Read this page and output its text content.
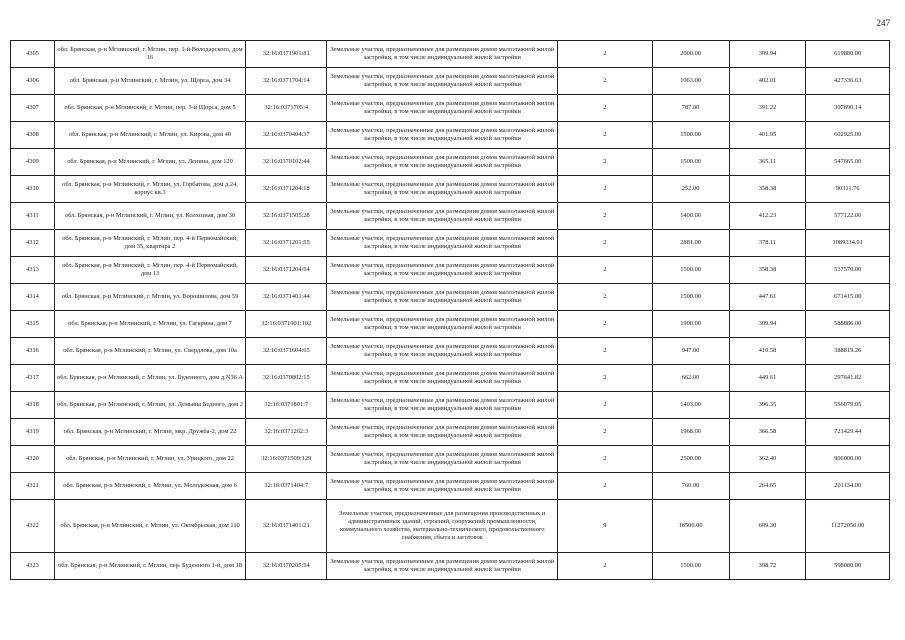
247
4305	обл. Брянская, р-н Мглинский, г. Мглин, пер. 1-й Володарского, дом 16	32:16:0371901:81	Земельные участки, предназначенные для размещения домов малоэтажной жилой застройки, в том числе индивидуальной жилой застройки	2	2000.00	309.94	619880.00
4306	обл. Брянская, р-н Мглинский, г. Мглин, ул. Щорса, дом 34	32:16:0371704:14	Земельные участки, предназначенные для размещения домов малоэтажной жилой застройки, в том числе индивидуальной жилой застройки	2	1063.00	402.01	427336.63
4307	обл. Брянская, р-н Мглинский, г. Мглин, пер. 3-й Щорса, дом 5	32:16:0371705:4	Земельные участки, предназначенные для размещения домов малоэтажной жилой застройки, в том числе индивидуальной жилой застройки	2	787.00	391.22	307890.14
4308	обл. Брянская, р-н Мглинский, г. Мглин, ул. Кирова, дом 40	32:16:0370404:37	Земельные участки, предназначенные для размещения домов малоэтажной жилой застройки, в том числе индивидуальной жилой застройки	2	1500.00	401.95	602925.00
4309	обл. Брянская, р-н Мглинский, г. Мглин, ул. Ленина, дом 120	32:16:0370102:44	Земельные участки, предназначенные для размещения домов малоэтажной жилой застройки, в том числе индивидуальной жилой застройки	2	1500.00	365.11	547665.00
4310	обл. Брянская, р-н Мглинский, г. Мглин, ул. Горбатова, дом д.24, корпус кв.3	32:16:0371204:18	Земельные участки, предназначенные для размещения домов малоэтажной жилой застройки, в том числе индивидуальной жилой застройки	2	252.00	358.38	90311.76
4311	обл. Брянская, р-н Мглинский, г. Мглин, ул. Колхозная, дом 30	32:16:0371505:28	Земельные участки, предназначенные для размещения домов малоэтажной жилой застройки, в том числе индивидуальной жилой застройки	2	1400.00	412.23	577122.00
4312	обл. Брянская, р-н Мглинский, г. Мглин, пер. 4-й Первомайский, дом 35, квартира 2	32:16:0371201:55	Земельные участки, предназначенные для размещения домов малоэтажной жилой застройки, в том числе индивидуальной жилой застройки	2	2881.00	378.11	1089334.91
4313	обл. Брянская, р-н Мглинский, г. Мглин, пер. 4-й Первомайский, дом 13	32:16:0371204:54	Земельные участки, предназначенные для размещения домов малоэтажной жилой застройки, в том числе индивидуальной жилой застройки	2	1500.00	358.38	537570.00
4314	обл. Брянская, р-н Мглинский, г. Мглин, ул. Ворошилова, дом 59	32:16:0371401:44	Земельные участки, предназначенные для размещения домов малоэтажной жилой застройки, в том числе индивидуальной жилой застройки	2	1500.00	447.61	671415.00
4315	обл. Брянская, р-н Мглинский, г. Мглин, ул. Гагарина, дом 7	32:16:0371901:102	Земельные участки, предназначенные для размещения домов малоэтажной жилой застройки, в том числе индивидуальной жилой застройки	2	1900.00	309.94	588886.00
4316	обл. Брянская, р-н Мглинский, г. Мглин, ул. Свердлова, дом 10а	32:16:0371604:65	Земельные участки, предназначенные для размещения домов малоэтажной жилой застройки, в том числе индивидуальной жилой застройки	2	947.00	410.58	388819.26
4317	обл. Брянская, р-н Мглинский, г. Мглин, ул. Буденного, дом д.N36 А	32:16:0370802:15	Земельные участки, предназначенные для размещения домов малоэтажной жилой застройки, в том числе индивидуальной жилой застройки	2	662.00	449.61	297641.82
4318	обл. Брянская, р-н Мглинский, г. Мглин, ул. Демьяна Бедного, дом 2	32:16:0371801:7	Земельные участки, предназначенные для размещения домов малоэтажной жилой застройки, в том числе индивидуальной жилой застройки	2	1403.00	396.35	556079.05
4319	обл. Брянская, р-н Мглинский, г. Мглин, мкр. Дружба-2, дом 22	32:16:0371202:3	Земельные участки, предназначенные для размещения домов малоэтажной жилой застройки, в том числе индивидуальной жилой застройки	2	1968.00	366.58	721429.44
4320	обл. Брянская, р-н Мглинский, г. Мглин, ул. Урицкого, дом 22	32:16:0371509:129	Земельные участки, предназначенные для размещения домов малоэтажной жилой застройки, в том числе индивидуальной жилой застройки	2	2500.00	362.40	906000.00
4321	обл. Брянская, р-н Мглинский, г. Мглин, ул. Молодежная, дом 6	32:16:0371404:7	Земельные участки, предназначенные для размещения домов малоэтажной жилой застройки, в том числе индивидуальной жилой застройки	2	760.00	264.65	201134.00
4322	обл. Брянская, р-н Мглинский, г. Мглин, ул. Октябрьская, дом 110	32:16:0371401:21	Земельные участки, предназначенные для размещения производственных и административных зданий, строений, сооружений промышленности, коммунального хозяйства, материально-технического, продовольственного снабжения, сбыта и заготовок	9	18500.00	609.30	11272050.00
4323	обл. Брянская, р-н Мглинский, г. Мглин, пер. Буденного 1-й, дом 18	32:16:0370205:54	Земельные участки, предназначенные для размещения домов малоэтажной жилой застройки, в том числе индивидуальной жилой застройки	2	1500.00	398.72	598080.00
